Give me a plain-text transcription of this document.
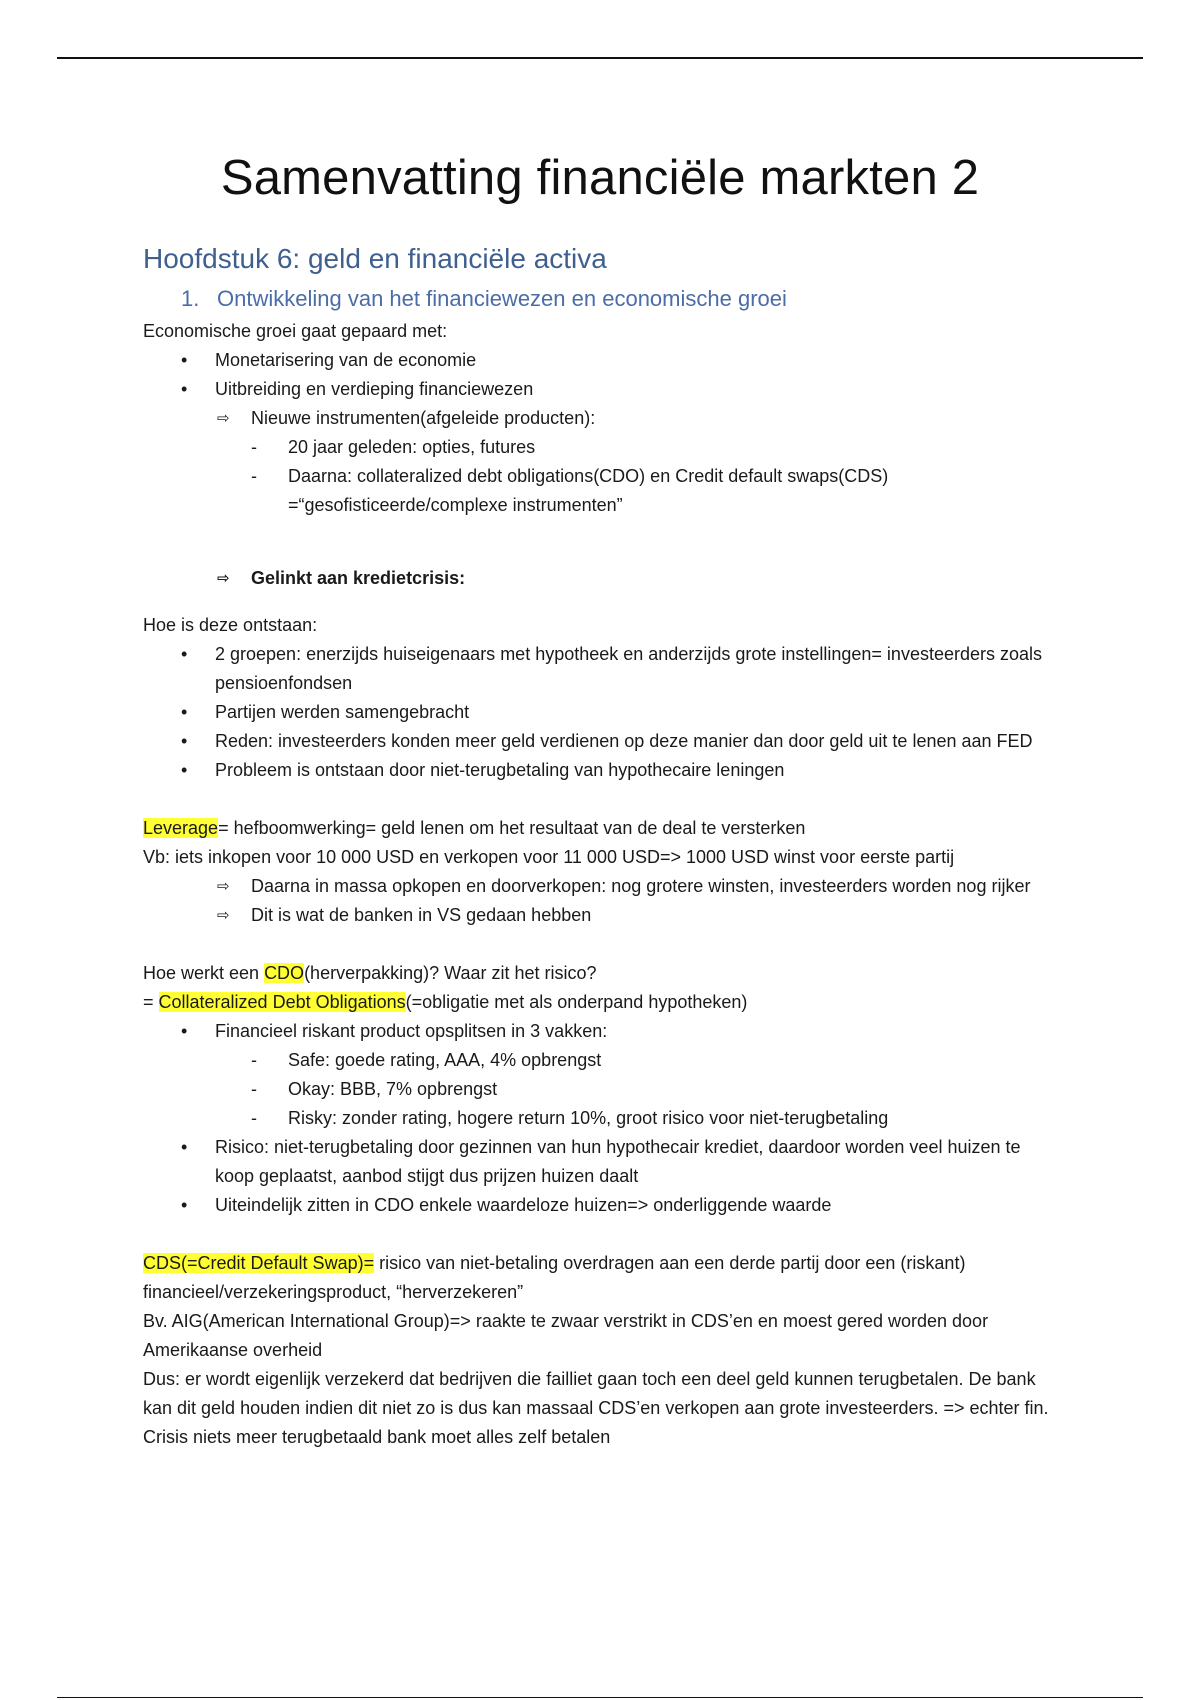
Samenvatting financiële markten 2
Hoofdstuk 6: geld en financiële activa
1. Ontwikkeling van het financiewezen en economische groei
Economische groei gaat gepaard met:
• Monetarisering van de economie
• Uitbreiding en verdieping financiewezen
⇨ Nieuwe instrumenten(afgeleide producten):
- 20 jaar geleden: opties, futures
- Daarna: collateralized debt obligations(CDO) en Credit default swaps(CDS) =“gesofisticeerde/complexe instrumenten”
⇨ Gelinkt aan kredietcrisis:
Hoe is deze ontstaan:
• 2 groepen: enerzijds huiseigenaars met hypotheek en anderzijds grote instellingen= investeerders zoals pensioenfondsen
• Partijen werden samengebracht
• Reden: investeerders konden meer geld verdienen op deze manier dan door geld uit te lenen aan FED
• Probleem is ontstaan door niet-terugbetaling van hypothecaire leningen
Leverage= hefboomwerking= geld lenen om het resultaat van de deal te versterken
Vb: iets inkopen voor 10 000 USD en verkopen voor 11 000 USD=> 1000 USD winst voor eerste partij
⇨ Daarna in massa opkopen en doorverkopen: nog grotere winsten, investeerders worden nog rijker
⇨ Dit is wat de banken in VS gedaan hebben
Hoe werkt een CDO(herverpakking)? Waar zit het risico?
= Collateralized Debt Obligations(=obligatie met als onderpand hypotheken)
• Financieel riskant product opsplitsen in 3 vakken:
- Safe: goede rating, AAA, 4% opbrengst
- Okay: BBB, 7% opbrengst
- Risky: zonder rating, hogere return 10%, groot risico voor niet-terugbetaling
• Risico: niet-terugbetaling door gezinnen van hun hypothecair krediet, daardoor worden veel huizen te koop geplaatst, aanbod stijgt dus prijzen huizen daalt
• Uiteindelijk zitten in CDO enkele waardeloze huizen=> onderliggende waarde
CDS(=Credit Default Swap)= risico van niet-betaling overdragen aan een derde partij door een (riskant) financieel/verzekeringsproduct, “herverzekeren”
Bv. AIG(American International Group)=> raakte te zwaar verstrikt in CDS’en en moest gered worden door Amerikaanse overheid
Dus: er wordt eigenlijk verzekerd dat bedrijven die failliet gaan toch een deel geld kunnen terugbetalen. De bank kan dit geld houden indien dit niet zo is dus kan massaal CDS’en verkopen aan grote investeerders. => echter fin. Crisis niets meer terugbetaald bank moet alles zelf betalen
